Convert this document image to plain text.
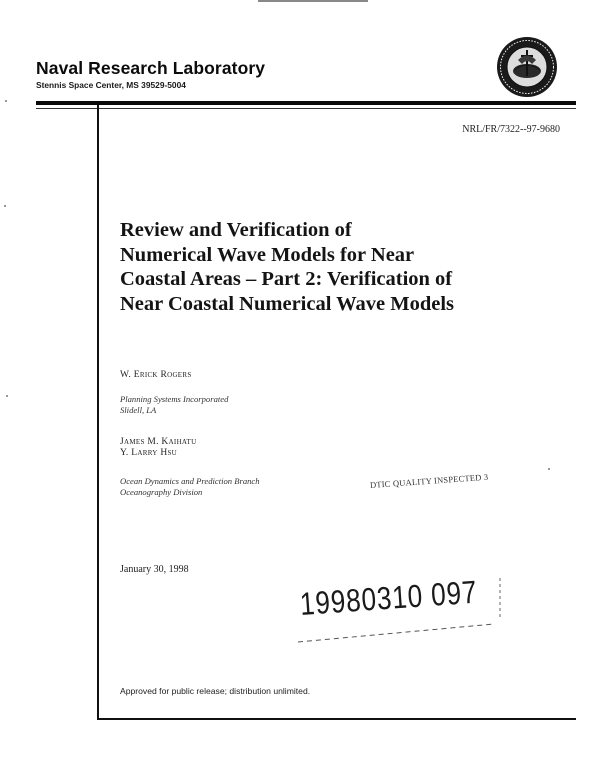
Naval Research Laboratory
Stennis Space Center, MS 39529-5004
NRL/FR/7322--97-9680
Review and Verification of
Numerical Wave Models for Near
Coastal Areas – Part 2: Verification of
Near Coastal Numerical Wave Models
W. Erick Rogers
Planning Systems Incorporated
Slidell, LA
James M. Kaihatu
Y. Larry Hsu
Ocean Dynamics and Prediction Branch
Oceanography Division
DTIC QUALITY INSPECTED 3
January 30, 1998
19980310 097
Approved for public release; distribution unlimited.
